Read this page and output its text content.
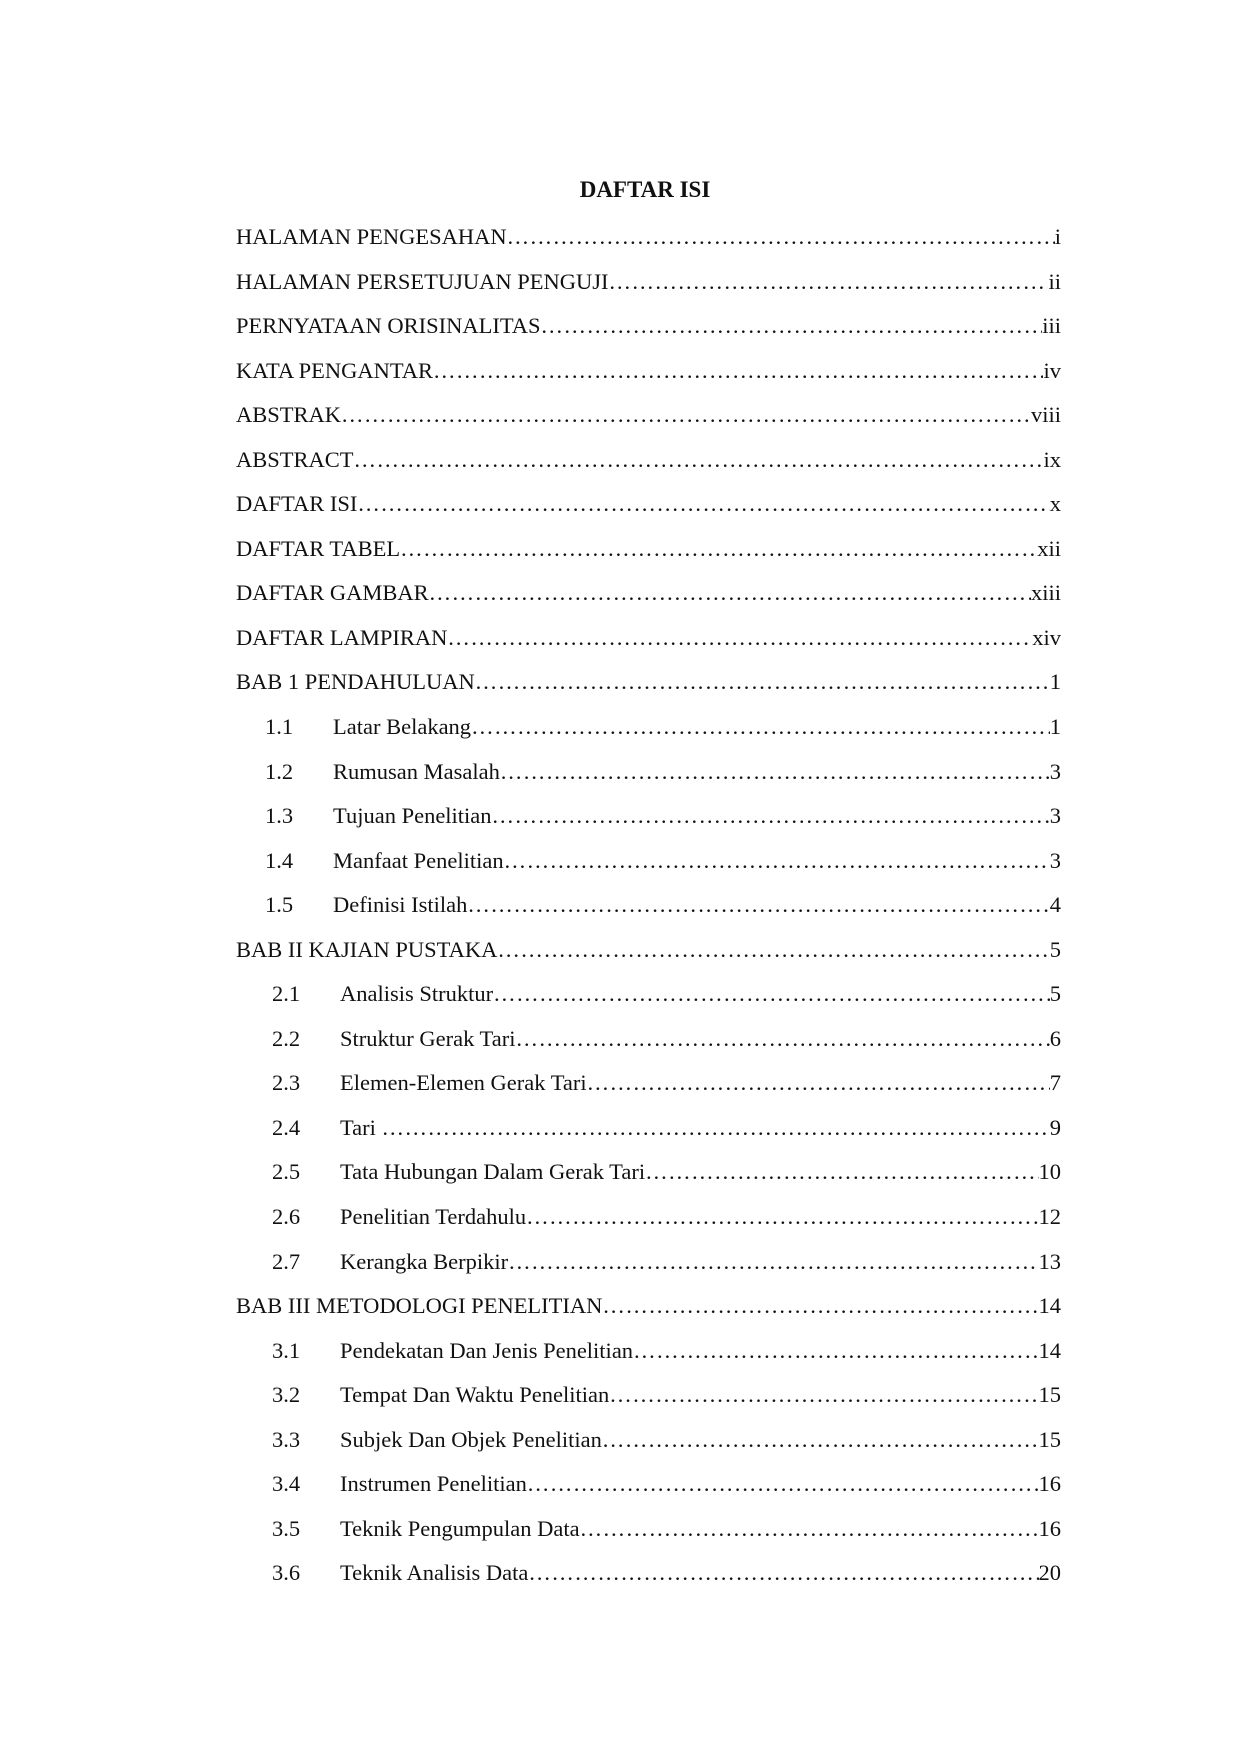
DAFTAR ISI
HALAMAN PENGESAHAN …………………………………………………………………………………………………………………………………………………………………………	i
HALAMAN PERSETUJUAN PENGUJI …………………………………………………………………………………………………………………………………………………………………………	ii
PERNYATAAN ORISINALITAS …………………………………………………………………………………………………………………………………………………………………………	iii
KATA PENGANTAR …………………………………………………………………………………………………………………………………………………………………………	iv
ABSTRAK …………………………………………………………………………………………………………………………………………………………………………	viii
ABSTRACT …………………………………………………………………………………………………………………………………………………………………………	ix
DAFTAR ISI …………………………………………………………………………………………………………………………………………………………………………	x
DAFTAR TABEL …………………………………………………………………………………………………………………………………………………………………………	xii
DAFTAR GAMBAR …………………………………………………………………………………………………………………………………………………………………………	xiii
DAFTAR LAMPIRAN …………………………………………………………………………………………………………………………………………………………………………	xiv
BAB 1 PENDAHULUAN …………………………………………………………………………………………………………………………………………………………………………	1
1.1	Latar Belakang …………………………………………………………………………………………………………………………………………………………………………	1
1.2	Rumusan Masalah …………………………………………………………………………………………………………………………………………………………………………	3
1.3	Tujuan Penelitian …………………………………………………………………………………………………………………………………………………………………………	3
1.4	Manfaat Penelitian …………………………………………………………………………………………………………………………………………………………………………	3
1.5	Definisi Istilah …………………………………………………………………………………………………………………………………………………………………………	4
BAB II KAJIAN PUSTAKA …………………………………………………………………………………………………………………………………………………………………………	5
2.1	Analisis Struktur …………………………………………………………………………………………………………………………………………………………………………	5
2.2	Struktur Gerak Tari …………………………………………………………………………………………………………………………………………………………………………	6
2.3	Elemen-Elemen Gerak Tari …………………………………………………………………………………………………………………………………………………………………………	7
2.4	Tari …………………………………………………………………………………………………………………………………………………………………………	9
2.5	Tata Hubungan Dalam Gerak Tari …………………………………………………………………………………………………………………………………………………………………………	10
2.6	Penelitian Terdahulu …………………………………………………………………………………………………………………………………………………………………………	12
2.7	Kerangka Berpikir …………………………………………………………………………………………………………………………………………………………………………	13
BAB III METODOLOGI PENELITIAN …………………………………………………………………………………………………………………………………………………………………………	14
3.1	Pendekatan Dan Jenis Penelitian …………………………………………………………………………………………………………………………………………………………………………	14
3.2	Tempat Dan Waktu Penelitian …………………………………………………………………………………………………………………………………………………………………………	15
3.3	Subjek Dan Objek Penelitian …………………………………………………………………………………………………………………………………………………………………………	15
3.4	Instrumen Penelitian …………………………………………………………………………………………………………………………………………………………………………	16
3.5	Teknik Pengumpulan Data …………………………………………………………………………………………………………………………………………………………………………	16
3.6	Teknik Analisis Data …………………………………………………………………………………………………………………………………………………………………………	20
